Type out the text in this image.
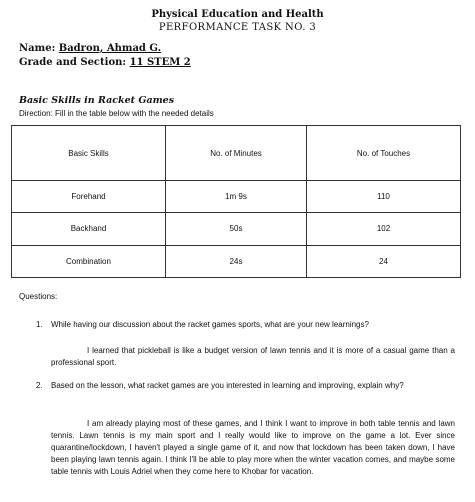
Physical Education and Health
PERFORMANCE TASK NO. 3
Name: Badron, Ahmad G.
Grade and Section: 11 STEM 2
Basic Skills in Racket Games
Direction: Fill in the table below with the needed details
Basic Skills	No. of Minutes	No. of Touches
Forehand	1m 9s	110
Backhand	50s	102
Combination	24s	24
Questions:
1. While having our discussion about the racket games sports, what are your new learnings?
I learned that pickleball is like a budget version of lawn tennis and it is more of a casual game than a professional sport.
2. Based on the lesson, what racket games are you interested in learning and improving, explain why?
I am already playing most of these games, and I think I want to improve in both table tennis and lawn tennis. Lawn tennis is my main sport and I really would like to improve on the game a lot. Ever since quarantine/lockdown, I haven't played a single game of it, and now that lockdown has been taken down, I have been playing lawn tennis again. I think I'll be able to play more when the winter vacation comes, and maybe some table tennis with Louis Adriel when they come here to Khobar for vacation.
